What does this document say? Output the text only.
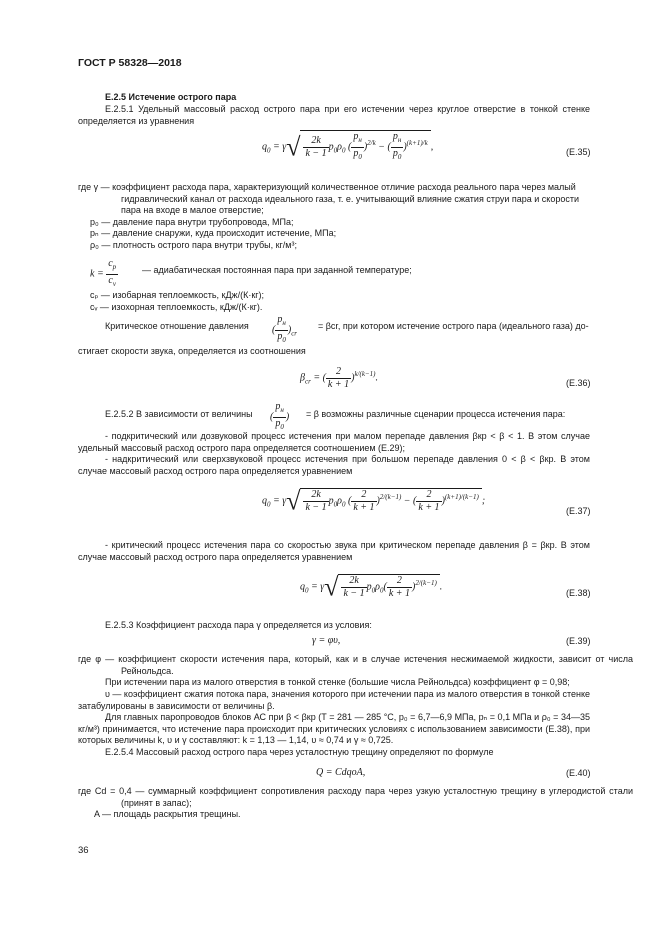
ГОСТ Р 58328—2018
Е.2.5 Истечение острого пара
Е.2.5.1 Удельный массовый расход острого пара при его истечении через круглое отверстие в тонкой стенке определяется из уравнения
$q_0 = \gamma√ \frac{2k}{k - 1} p_0\rho_0$ ( $\frac{p_н}{p_0} )^{2/k}$ − ( $\frac{p_н}{p_0} )^{(k+1)/k}$ ,	(Е.35)
где γ — коэффициент расхода пара, характеризующий количественное отличие расхода реального пара через малый гидравлический канал от расхода идеального газа, т. е. учитывающий влияние сжатия струи пара и скорости пара на входе в малое отверстие;
p₀ — давление пара внутри трубопровода, МПа;
pₙ — давление снаружи, куда происходит истечение, МПа;
ρ₀ — плотность острого пара внутри трубы, кг/м³;
$k = \frac{c_p}{c_v}$	— адиабатическая постоянная пара при заданной температуре;
cₚ — изобарная теплоемкость, кДж/(К·кг);
cᵥ — изохорная теплоемкость, кДж/(К·кг).
Критическое отношение давления ( $\frac{p_н}{p_0} )_{cr}$
= βcr, при котором истечение острого пара (идеального газа) до-
стигает скорости звука, определяется из соотношения
$\beta_{cr}$ = ( $\frac{2}{k + 1} )^{k/(k-1)}$.	(Е.36)
Е.2.5.2 В зависимости от величины ( $\frac{p_н}{p_0}$ ) = β возможны различные сценарии процесса истечения пара:
- подкритический или дозвуковой процесс истечения при малом перепаде давления βкр < β < 1. В этом случае удельный массовый расход острого пара определяется соотношением (Е.29);
- надкритический или сверхзвуковой процесс истечения при большом перепаде давления 0 < β < βкр. В этом случае массовый расход острого пара определяется уравнением
$q_0 = \gamma√ \frac{2k}{k - 1} p_0\rho_0$ ( $\frac{2}{k + 1} )^{2/(k-1)}$ − ( $\frac{2}{k + 1} )^{(k+1)/(k-1)}$ ;
(Е.37)
- критический процесс истечения пара со скоростью звука при критическом перепаде давления β = βкр. В этом случае массовый расход острого пара определяется уравнением
$q_0 = \gamma√ \frac{2k}{k - 1} p_0\rho_0( \frac{2}{k + 1} )^{2/(k-1)}$ .
(Е.38)
Е.2.5.3 Коэффициент расхода пара γ определяется из условия:
γ = φυ,	(Е.39)
где φ — коэффициент скорости истечения пара, который, как и в случае истечения несжимаемой жидкости, зависит от числа Рейнольдса.
При истечении пара из малого отверстия в тонкой стенке (большие числа Рейнольдса) коэффициент φ = 0,98;
υ — коэффициент сжатия потока пара, значения которого при истечении пара из малого отверстия в тонкой стенке затабулированы в зависимости от величины β.
Для главных паропроводов блоков АС при β < βкр (T = 281 — 285 °C, p₀ = 6,7—6,9 МПа, pₙ = 0,1 МПа и ρ₀ = 34—35 кг/м³) принимается, что истечение пара происходит при критических условиях с использованием зависимости (Е.38), при которых величины k, υ и γ составляют: k = 1,13 — 1,14, υ ≈ 0,74 и γ ≈ 0,725.
Е.2.5.4 Массовый расход острого пара через усталостную трещину определяют по формуле
Q = CdqoA,	(Е.40)
где Cd = 0,4 — суммарный коэффициент сопротивления расходу пара через узкую усталостную трещину в углеродистой стали (принят в запас);
A — площадь раскрытия трещины.
36
